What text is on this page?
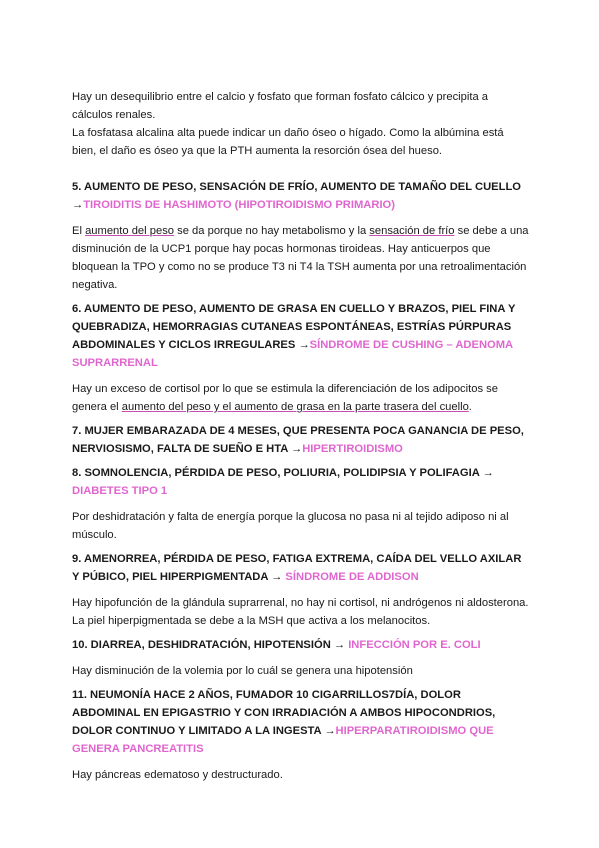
Hay un desequilibrio entre el calcio y fosfato que forman fosfato cálcico y precipita a cálculos renales.

La fosfatasa alcalina alta puede indicar un daño óseo o hígado. Como la albúmina está bien, el daño es óseo ya que la PTH aumenta la resorción ósea del hueso.

5. AUMENTO DE PESO, SENSACIÓN DE FRÍO, AUMENTO DE TAMAÑO DEL CUELLO →TIROIDITIS DE HASHIMOTO (HIPOTIROIDISMO PRIMARIO)

El aumento del peso se da porque no hay metabolismo y la sensación de frío se debe a una disminución de la UCP1 porque hay pocas hormonas tiroideas. Hay anticuerpos que bloquean la TPO y como no se produce T3 ni T4 la TSH aumenta por una retroalimentación negativa.

6. AUMENTO DE PESO, AUMENTO DE GRASA EN CUELLO Y BRAZOS, PIEL FINA Y QUEBRADIZA, HEMORRAGIAS CUTANEAS ESPONTÁNEAS, ESTRÍAS PÚRPURAS ABDOMINALES Y CICLOS IRREGULARES →SÍNDROME DE CUSHING – ADENOMA SUPRARRENAL

Hay un exceso de cortisol por lo que se estimula la diferenciación de los adipocitos se genera el aumento del peso y el aumento de grasa en la parte trasera del cuello.

7. MUJER EMBARAZADA DE 4 MESES, QUE PRESENTA POCA GANANCIA DE PESO, NERVIOSISMO, FALTA DE SUEÑO E HTA →HIPERTIROIDISMO

8. SOMNOLENCIA, PÉRDIDA DE PESO, POLIURIA, POLIDIPSIA Y POLIFAGIA →
DIABETES TIPO 1

Por deshidratación y falta de energía porque la glucosa no pasa ni al tejido adiposo ni al músculo.

9. AMENORREA, PÉRDIDA DE PESO, FATIGA EXTREMA, CAÍDA DEL VELLO AXILAR Y PÚBICO, PIEL HIPERPIGMENTADA → SÍNDROME DE ADDISON

Hay hipofunción de la glándula suprarrenal, no hay ni cortisol, ni andrógenos ni aldosterona. La piel hiperpigmentada se debe a la MSH que activa a los melanocitos.

10. DIARREA, DESHIDRATACIÓN, HIPOTENSIÓN → INFECCIÓN POR E. COLI

Hay disminución de la volemia por lo cuál se genera una hipotensión

11. NEUMONÍA HACE 2 AÑOS, FUMADOR 10 CIGARRILLOS7DÍA, DOLOR ABDOMINAL EN EPIGASTRIO Y CON IRRADIACIÓN A AMBOS HIPOCONDRIOS, DOLOR CONTINUO Y LIMITADO A LA INGESTA →HIPERPARATIROIDISMO QUE GENERA PANCREATITIS

Hay páncreas edematoso y destructurado.
